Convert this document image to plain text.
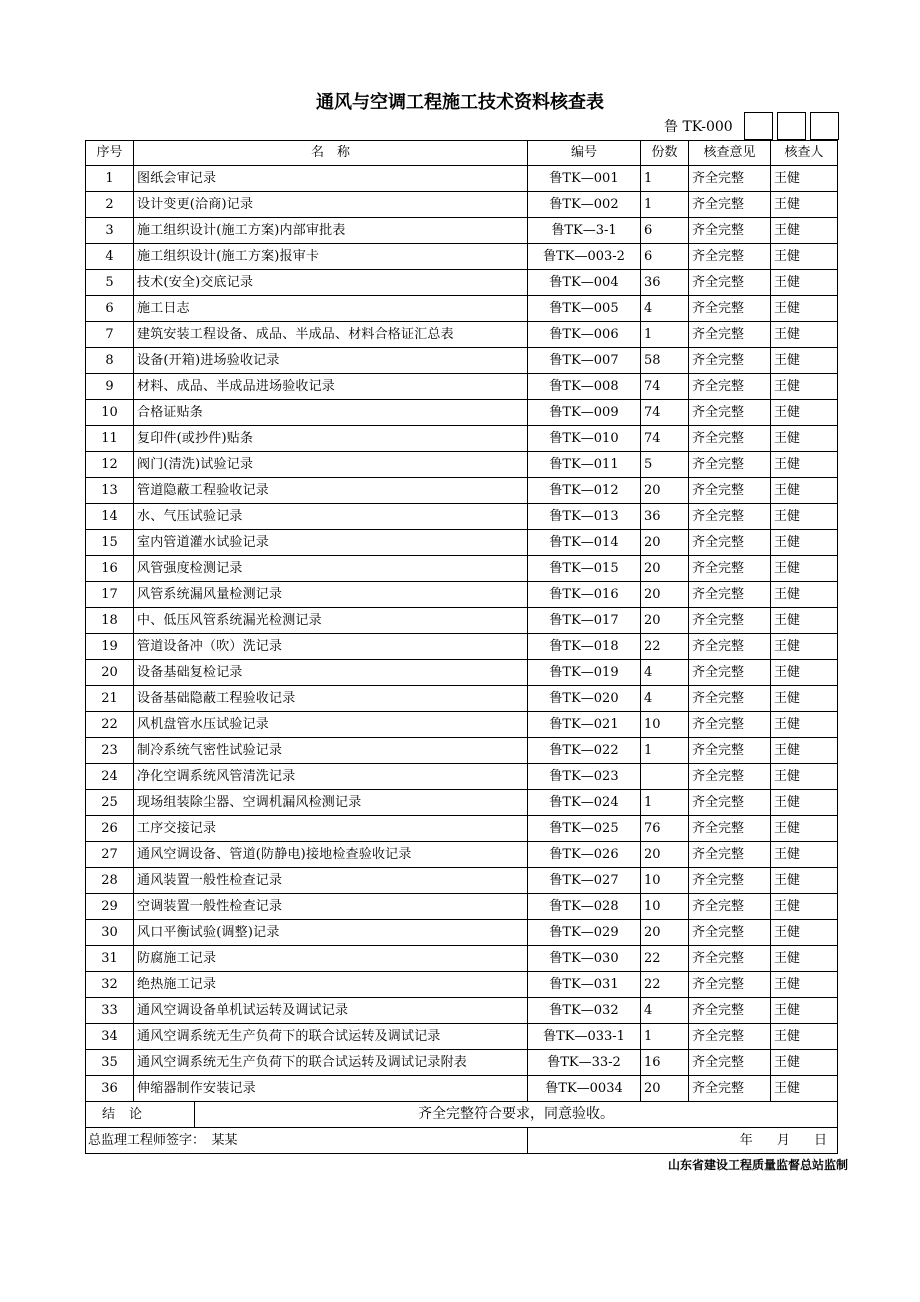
通风与空调工程施工技术资料核查表
鲁 TK-000
序号	名　称		编号	份数	核查意见	核查人
1	图纸会审记录		鲁TK—001	1	齐全完整	王健
2	设计变更(洽商)记录		鲁TK—002	1	齐全完整	王健
3	施工组织设计(施工方案)内部审批表		鲁TK—3-1	6	齐全完整	王健
4	施工组织设计(施工方案)报审卡		鲁TK—003-2	6	齐全完整	王健
5	技术(安全)交底记录		鲁TK—004	36	齐全完整	王健
6	施工日志		鲁TK—005	4	齐全完整	王健
7	建筑安装工程设备、成品、半成品、材料合格证汇总表		鲁TK—006	1	齐全完整	王健
8	设备(开箱)进场验收记录		鲁TK—007	58	齐全完整	王健
9	材料、成品、半成品进场验收记录		鲁TK—008	74	齐全完整	王健
10	合格证贴条		鲁TK—009	74	齐全完整	王健
11	复印件(或抄件)贴条		鲁TK—010	74	齐全完整	王健
12	阀门(清洗)试验记录		鲁TK—011	5	齐全完整	王健
13	管道隐蔽工程验收记录		鲁TK—012	20	齐全完整	王健
14	水、气压试验记录		鲁TK—013	36	齐全完整	王健
15	室内管道灌水试验记录		鲁TK—014	20	齐全完整	王健
16	风管强度检测记录		鲁TK—015	20	齐全完整	王健
17	风管系统漏风量检测记录		鲁TK—016	20	齐全完整	王健
18	中、低压风管系统漏光检测记录		鲁TK—017	20	齐全完整	王健
19	管道设备冲（吹）洗记录		鲁TK—018	22	齐全完整	王健
20	设备基础复检记录		鲁TK—019	4	齐全完整	王健
21	设备基础隐蔽工程验收记录		鲁TK—020	4	齐全完整	王健
22	风机盘管水压试验记录		鲁TK—021	10	齐全完整	王健
23	制冷系统气密性试验记录		鲁TK—022	1	齐全完整	王健
24	净化空调系统风管清洗记录		鲁TK—023		齐全完整	王健
25	现场组装除尘器、空调机漏风检测记录		鲁TK—024	1	齐全完整	王健
26	工序交接记录		鲁TK—025	76	齐全完整	王健
27	通风空调设备、管道(防静电)接地检查验收记录		鲁TK—026	20	齐全完整	王健
28	通风装置一般性检查记录		鲁TK—027	10	齐全完整	王健
29	空调装置一般性检查记录		鲁TK—028	10	齐全完整	王健
30	风口平衡试验(调整)记录		鲁TK—029	20	齐全完整	王健
31	防腐施工记录		鲁TK—030	22	齐全完整	王健
32	绝热施工记录		鲁TK—031	22	齐全完整	王健
33	通风空调设备单机试运转及调试记录		鲁TK—032	4	齐全完整	王健
34	通风空调系统无生产负荷下的联合试运转及调试记录		鲁TK—033-1	1	齐全完整	王健
35	通风空调系统无生产负荷下的联合试运转及调试记录附表		鲁TK—33-2	16	齐全完整	王健
36	伸缩器制作安装记录		鲁TK—0034	20	齐全完整	王健
结论		齐全完整符合要求，同意验收。				
总监理工程师签字：　某某			年 月 日			
山东省建设工程质量监督总站监制
